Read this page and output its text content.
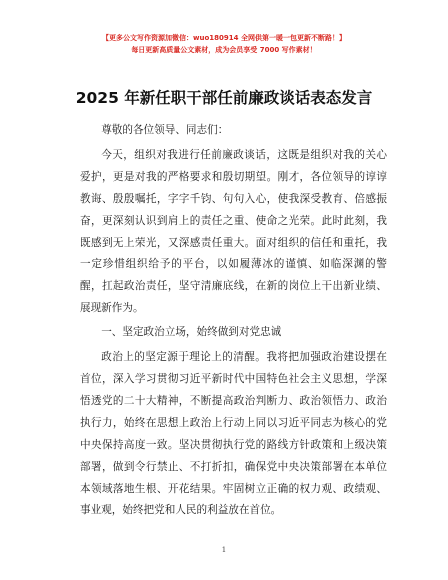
【更多公文写作资源加微信：wuo180914 全网供第一暖一包更新不断路！】
每日更新高质量公文素材，成为会员享受 7000 写作素材！
2025 年新任职干部任前廉政谈话表态发言

尊敬的各位领导、同志们：

今天，组织对我进行任前廉政谈话，这既是组织对我的关心爱护，更是对我的严格要求和殷切期望。刚才，各位领导的谆谆教诲、殷殷嘱托，字字千钧、句句入心，使我深受教育、倍感振奋，更深刻认识到肩上的责任之重、使命之光荣。此时此刻，我既感到无上荣光，又深感责任重大。面对组织的信任和重托，我一定珍惜组织给予的平台，以如履薄冰的谨慎、如临深渊的警醒，扛起政治责任，坚守清廉底线，在新的岗位上干出新业绩、展现新作为。

一、坚定政治立场，始终做到对党忠诚

政治上的坚定源于理论上的清醒。我将把加强政治建设摆在首位，深入学习贯彻习近平新时代中国特色社会主义思想，学深悟透党的二十大精神，不断提高政治判断力、政治领悟力、政治执行力，始终在思想上政治上行动上同以习近平同志为核心的党中央保持高度一致。坚决贯彻执行党的路线方针政策和上级决策部署，做到令行禁止、不打折扣，确保党中央决策部署在本单位本领域落地生根、开花结果。牢固树立正确的权力观、政绩观、事业观，始终把党和人民的利益放在首位。

1
